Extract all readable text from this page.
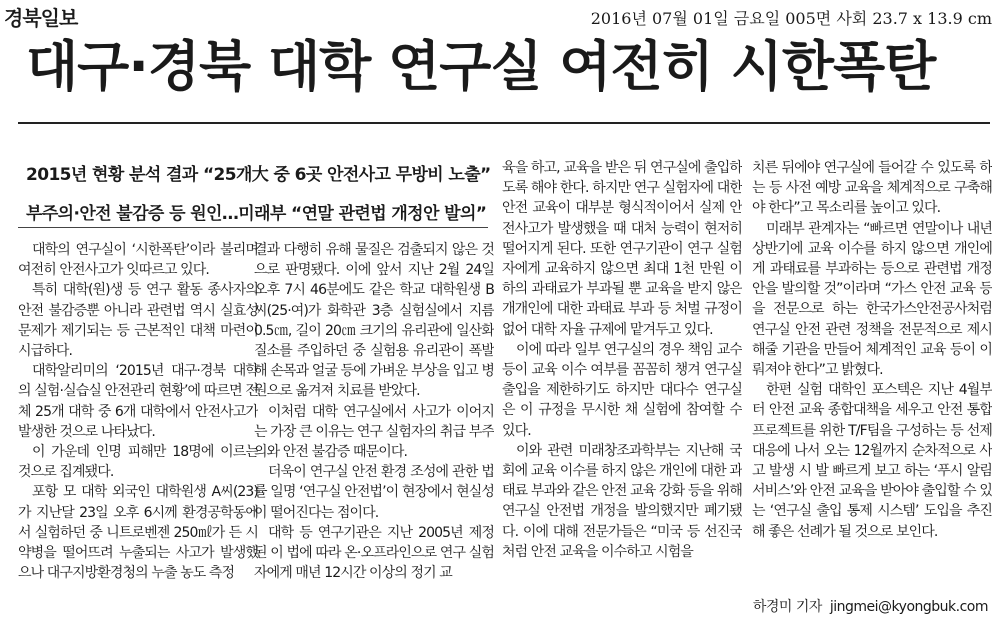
경북일보	2016년 07월 01일 금요일 005면 사회 23.7 x 13.9 cm
대구·경북 대학 연구실 여전히 시한폭탄
2015년 현황 분석 결과 “25개大 중 6곳 안전사고 무방비 노출”
부주의·안전 불감증 등 원인…미래부 “연말 관련법 개정안 발의”

대학의 연구실이 ‘시한폭탄’이라 불리며 여전히 안전사고가 잇따르고 있다.

특히 대학(원)생 등 연구 활동 종사자의 안전 불감증뿐 아니라 관련법 역시 실효성 문제가 제기되는 등 근본적인 대책 마련이 시급하다.

대학알리미의 ‘2015년 대구·경북 대학의 실험·실습실 안전관리 현황’에 따르면 전체 25개 대학 중 6개 대학에서 안전사고가 발생한 것으로 나타났다.

이 가운데 인명 피해만 18명에 이르는 것으로 집계됐다.

포항 모 대학 외국인 대학원생 A씨(23)가 지난달 23일 오후 6시께 환경공학동에서 실험하던 중 니트로벤젠 250㎖가 든 시약병을 떨어뜨려 누출되는 사고가 발생했으나 대구지방환경청의 누출 농도 측정

결과 다행히 유해 물질은 검출되지 않은 것으로 판명됐다. 이에 앞서 지난 2월 24일 오후 7시 46분에도 같은 학교 대학원생 B씨(25·여)가 화학관 3층 실험실에서 지름 0.5㎝, 길이 20㎝ 크기의 유리관에 일산화질소를 주입하던 중 실험용 유리관이 폭발해 손목과 얼굴 등에 가벼운 부상을 입고 병원으로 옮겨져 치료를 받았다.

이처럼 대학 연구실에서 사고가 이어지는 가장 큰 이유는 연구 실험자의 취급 부주의와 안전 불감증 때문이다.

더욱이 연구실 안전 환경 조성에 관한 법률 일명 ‘연구실 안전법’이 현장에서 현실성이 떨어진다는 점이다.

대학 등 연구기관은 지난 2005년 제정된 이 법에 따라 온·오프라인으로 연구 실험자에게 매년 12시간 이상의 정기 교

육을 하고, 교육을 받은 뒤 연구실에 출입하도록 해야 한다. 하지만 연구 실험자에 대한 안전 교육이 대부분 형식적이어서 실제 안전사고가 발생했을 때 대처 능력이 현저히 떨어지게 된다. 또한 연구기관이 연구 실험자에게 교육하지 않으면 최대 1천 만원 이하의 과태료가 부과될 뿐 교육을 받지 않은 개개인에 대한 과태료 부과 등 처벌 규정이 없어 대학 자율 규제에 맡겨두고 있다.

이에 따라 일부 연구실의 경우 책임 교수 등이 교육 이수 여부를 꼼꼼히 챙겨 연구실 출입을 제한하기도 하지만 대다수 연구실은 이 규정을 무시한 채 실험에 참여할 수 있다.

이와 관련 미래창조과학부는 지난해 국회에 교육 이수를 하지 않은 개인에 대한 과태료 부과와 같은 안전 교육 강화 등을 위해 연구실 안전법 개정을 발의했지만 폐기됐다. 이에 대해 전문가들은 “미국 등 선진국처럼 안전 교육을 이수하고 시험을

치른 뒤에야 연구실에 들어갈 수 있도록 하는 등 사전 예방 교육을 체계적으로 구축해야 한다”고 목소리를 높이고 있다.

미래부 관계자는 “빠르면 연말이나 내년 상반기에 교육 이수를 하지 않으면 개인에게 과태료를 부과하는 등으로 관련법 개정안을 발의할 것”이라며 “가스 안전 교육 등을 전문으로 하는 한국가스안전공사처럼 연구실 안전 관련 정책을 전문적으로 제시해줄 기관을 만들어 체계적인 교육 등이 이뤄져야 한다”고 밝혔다.

한편 실험 대학인 포스텍은 지난 4월부터 안전 교육 종합대책을 세우고 안전 통합 프로젝트를 위한 T/F팀을 구성하는 등 선제 대응에 나서 오는 12월까지 순차적으로 사고 발생 시 발 빠르게 보고 하는 ‘푸시 알림 서비스’와 안전 교육을 받아야 출입할 수 있는 ‘연구실 출입 통제 시스템’ 도입을 추진해 좋은 선례가 될 것으로 보인다.

하경미 기자 jingmei@kyongbuk.com
